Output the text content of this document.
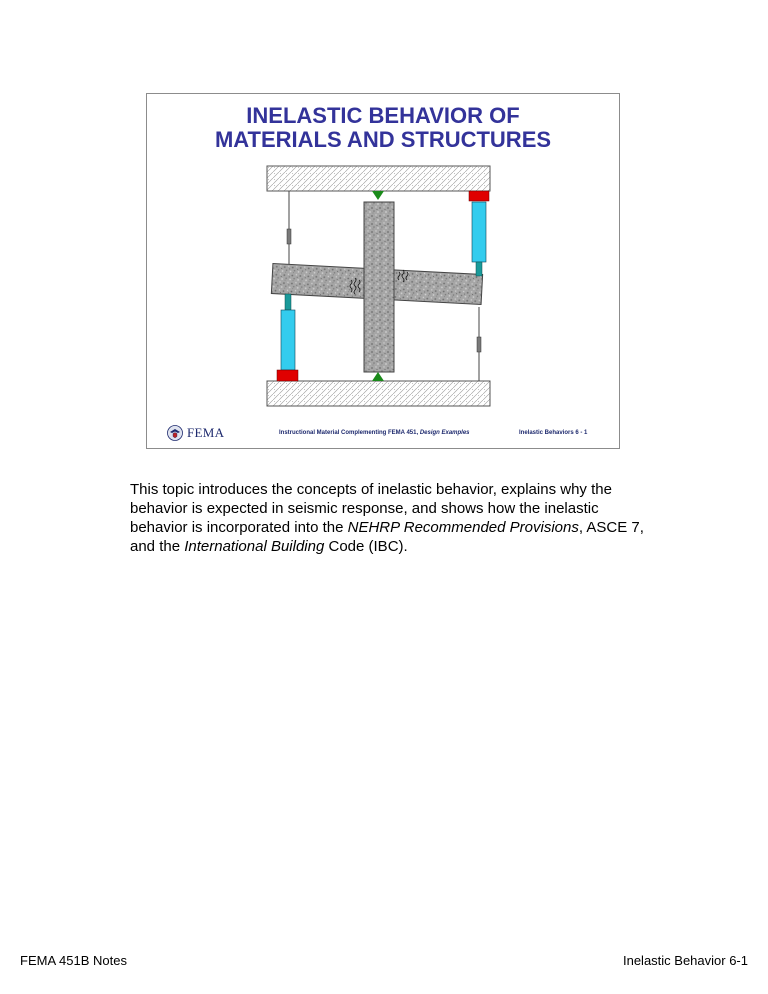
INELASTIC BEHAVIOR OF
MATERIALS AND STRUCTURES
FEMA	Instructional Material Complementing FEMA 451, Design Examples	Inelastic Behaviors 6 - 1
This topic introduces the concepts of inelastic behavior, explains why the behavior is expected in seismic response, and shows how the inelastic behavior is incorporated into the NEHRP Recommended Provisions, ASCE 7, and the International Building Code (IBC).
FEMA 451B Notes	Inelastic Behavior 6-1
